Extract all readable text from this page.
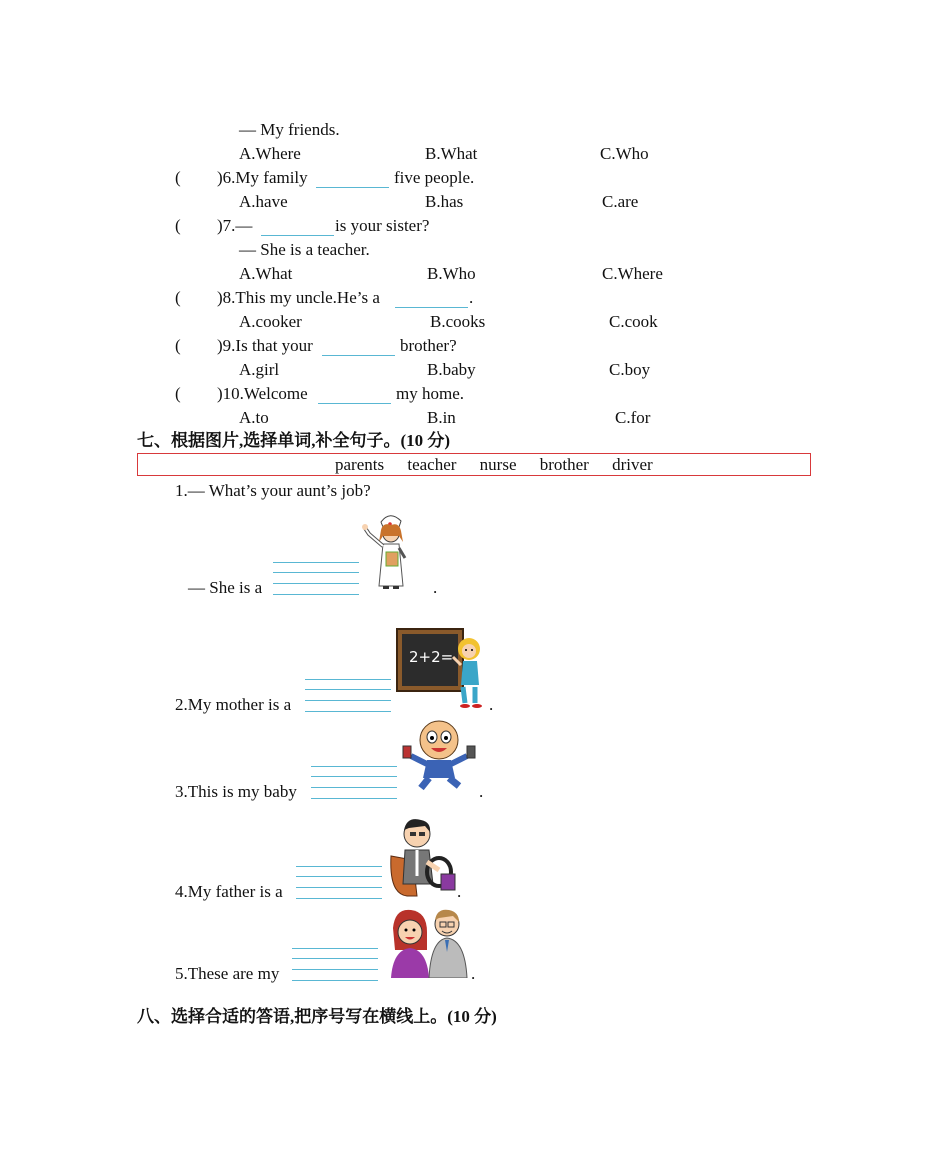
— My friends.
A.Where	B.What	C.Who
( )6.My family	five people.
A.have	B.has	C.are
( )7.—	is your sister?
— She is a teacher.
A.What	B.Who	C.Where
( )8.This my uncle.He’s a	.
A.cooker	B.cooks	C.cook
( )9.Is that your	brother?
A.girl	B.baby	C.boy
( )10.Welcome	my home.
A.to	B.in	C.for
七、根据图片,选择单词,补全句子。(10 分)
parents teacher nurse brother driver
1.— What’s your aunt’s job?
— She is a	.
2.My mother is a
2+2=
.
3.This is my baby	.
4.My father is a	.
5.These are my	.
八、选择合适的答语,把序号写在横线上。(10 分)
